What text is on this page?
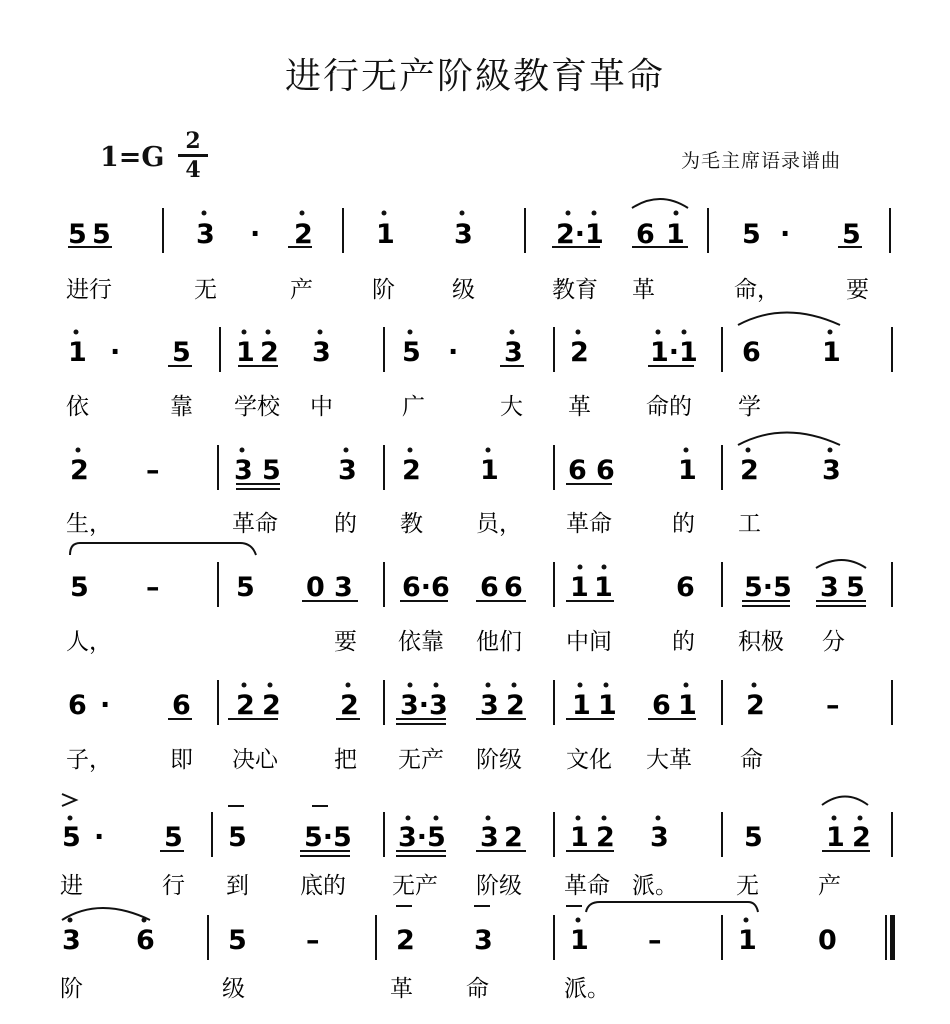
进行无产阶級教育革命
1=G
2
4	为毛主席语录谱曲
5 5	3 · 2 1 3	2·1 6 1 5 · 5
进行	无	产	阶 级	教育 革	命，	要
1 · 5 1 2 3	5 · 3 2 1·1 6 1
依	靠 学校 中	广	大 革 命的 学
2 –	3 5 3 2 1	6 6 1 2 3
生，	革命 的 教 员， 革命	的 工
5 –	5 0 3 6·6 6 6 1 1 6 5·5 3 5
人，	要 依靠 他们 中间	的 积极 分
6 · 6 2 2 2 3·3 3 2 1 1 6 1 2 –
子，	即 决心 把 无产 阶级 文化 大革 命
5 · 5 5 5·5 3·5 3 2 1 2 3	5 1 2
进	行 到 底的 无产 阶级 革命 派。	无	产
3 6	5 –	2 3	1 –	1 0
阶	级	革 命	派。
